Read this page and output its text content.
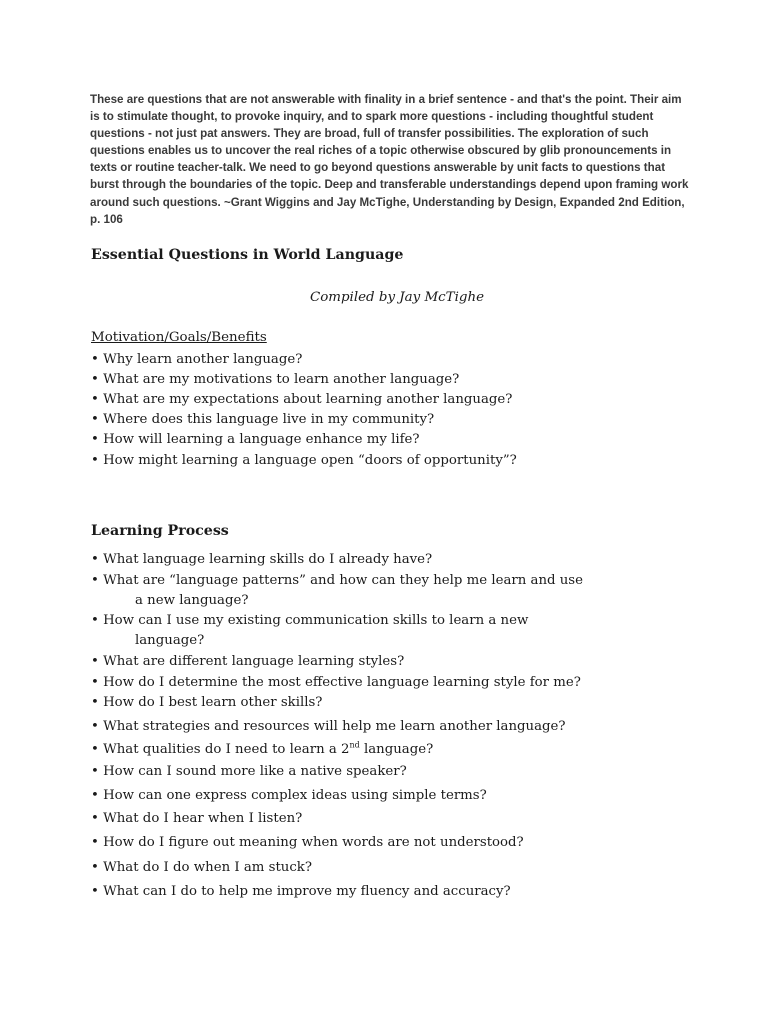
These are questions that are not answerable with finality in a brief sentence - and that's the point. Their aim is to stimulate thought, to provoke inquiry, and to spark more questions - including thoughtful student questions - not just pat answers. They are broad, full of transfer possibilities. The exploration of such questions enables us to uncover the real riches of a topic otherwise obscured by glib pronouncements in texts or routine teacher-talk. We need to go beyond questions answerable by unit facts to questions that burst through the boundaries of the topic. Deep and transferable understandings depend upon framing work around such questions. ~Grant Wiggins and Jay McTighe, Understanding by Design, Expanded 2nd Edition, p. 106

Essential Questions in World Language

Compiled by Jay McTighe

Motivation/Goals/Benefits

• Why learn another language?
• What are my motivations to learn another language?
• What are my expectations about learning another language?
• Where does this language live in my community?
• How will learning a language enhance my life?
• How might learning a language open “doors of opportunity”?

Learning Process

• What language learning skills do I already have?
• What are “language patterns” and how can they help me learn and use
a new language?
• How can I use my existing communication skills to learn a new
language?
• What are different language learning styles?
• How do I determine the most effective language learning style for me?
• How do I best learn other skills?
• What strategies and resources will help me learn another language?
• What qualities do I need to learn a 2nd language?
• How can I sound more like a native speaker?
• How can one express complex ideas using simple terms?
• What do I hear when I listen?
• How do I figure out meaning when words are not understood?
• What do I do when I am stuck?
• What can I do to help me improve my fluency and accuracy?
